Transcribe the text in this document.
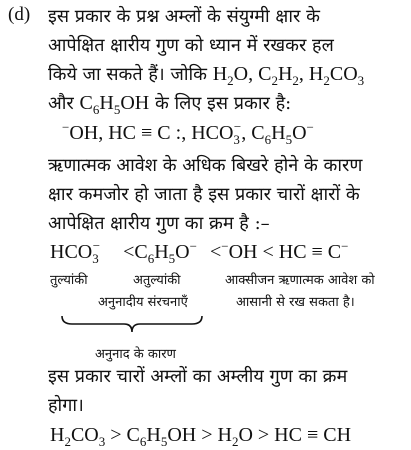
(d) इस प्रकार के प्रश्न अम्लों के संयुग्मी क्षार के
आपेक्षित क्षारीय गुण को ध्यान में रखकर हल
किये जा सकते हैं। जोकि $H_2O$, $C_2H_2$, $H_2CO_3$
और $C_6H_5OH$ के लिए इस प्रकार है:
−OH, HC ≡ C :, $HCO_3^-$, $C_6H_5O^-$
ऋणात्मक आवेश के अधिक बिखरे होने के कारण
क्षार कमजोर हो जाता है इस प्रकार चारों क्षारों के
आपेक्षित क्षारीय गुण का क्रम है :–
$HCO_3^- <C_6H_5O^- <^-OH$ < HC ≡ C−
तुल्यांकी	अतुल्यांकी	आक्सीजन ऋणात्मक आवेश को
अनुनादीय संरचनाएँ	आसानी से रख सकता है।
अनुनाद के कारण
इस प्रकार चारों अम्लों का अम्लीय गुण का क्रम
होगा।
$H_2CO_3 > C_6H_5OH > H_2O$ > HC ≡ CH
